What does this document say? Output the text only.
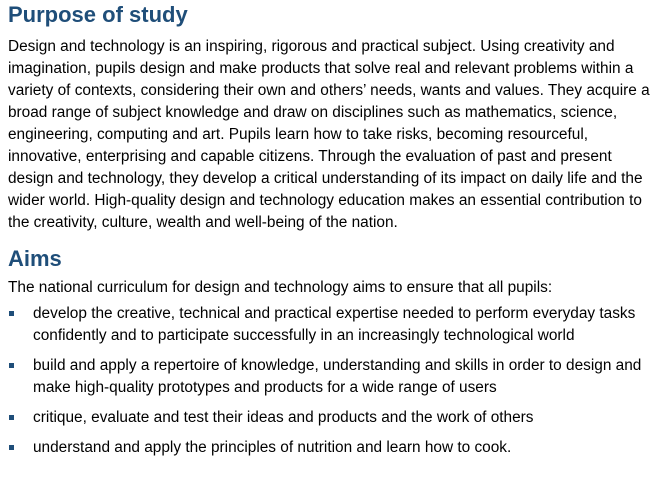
Purpose of study

Design and technology is an inspiring, rigorous and practical subject. Using creativity and imagination, pupils design and make products that solve real and relevant problems within a variety of contexts, considering their own and others’ needs, wants and values. They acquire a broad range of subject knowledge and draw on disciplines such as mathematics, science, engineering, computing and art. Pupils learn how to take risks, becoming resourceful, innovative, enterprising and capable citizens. Through the evaluation of past and present design and technology, they develop a critical understanding of its impact on daily life and the wider world. High-quality design and technology education makes an essential contribution to the creativity, culture, wealth and well-being of the nation.

Aims

The national curriculum for design and technology aims to ensure that all pupils:

develop the creative, technical and practical expertise needed to perform everyday tasks confidently and to participate successfully in an increasingly technological world
build and apply a repertoire of knowledge, understanding and skills in order to design and make high-quality prototypes and products for a wide range of users
critique, evaluate and test their ideas and products and the work of others
understand and apply the principles of nutrition and learn how to cook.
